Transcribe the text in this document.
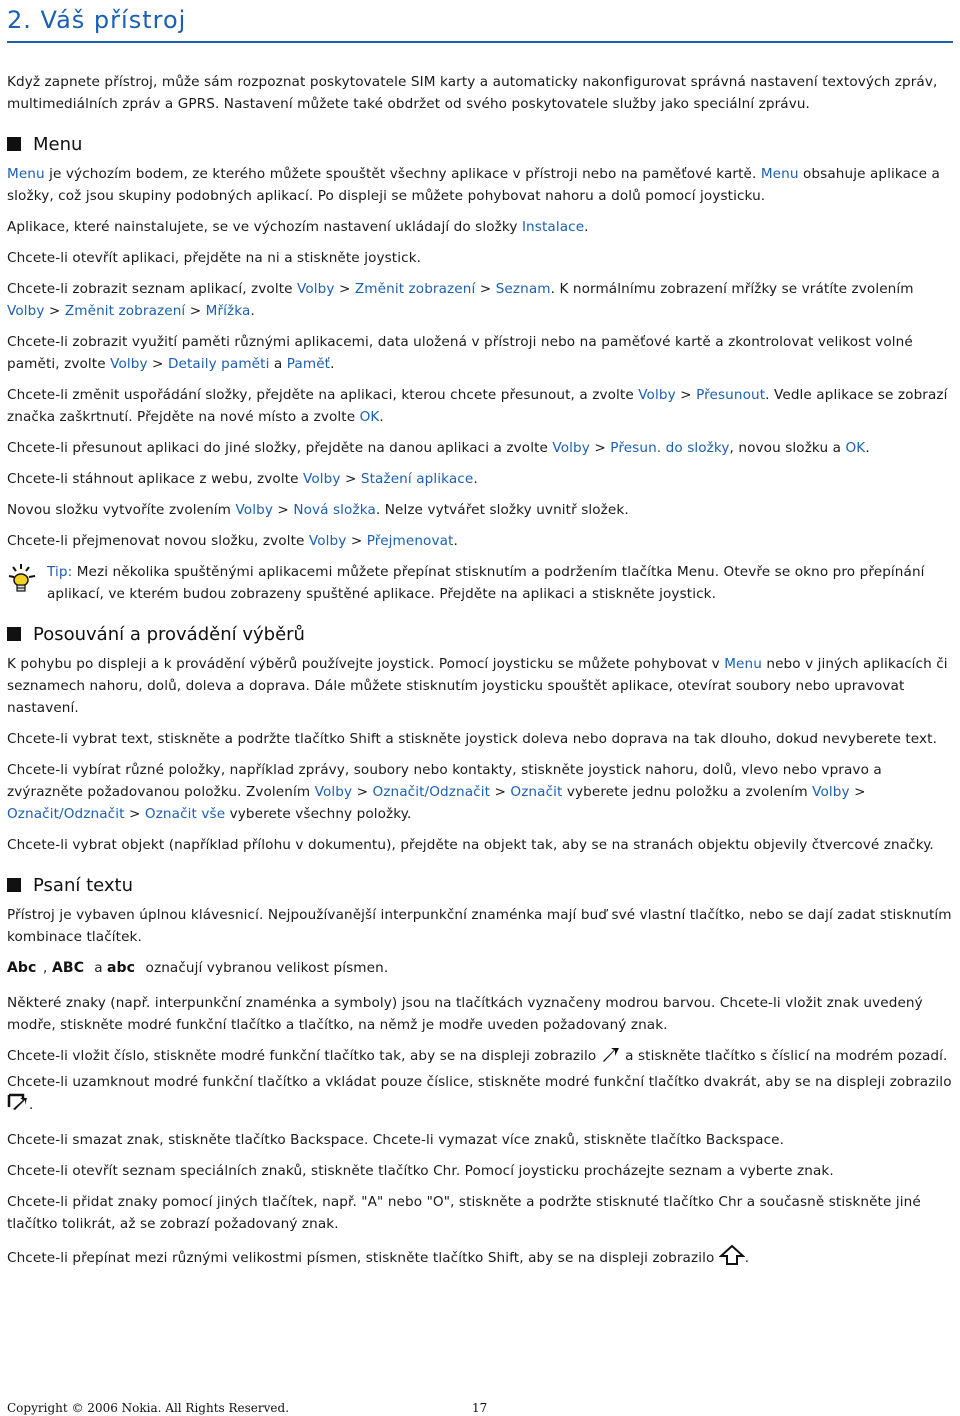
2. Váš přístroj

Když zapnete přístroj, může sám rozpoznat poskytovatele SIM karty a automaticky nakonfigurovat správná nastavení textových zpráv, multimediálních zpráv a GPRS. Nastavení můžete také obdržet od svého poskytovatele služby jako speciální zprávu.

Menu

Menu je výchozím bodem, ze kterého můžete spouštět všechny aplikace v přístroji nebo na paměťové kartě. Menu obsahuje aplikace a složky, což jsou skupiny podobných aplikací. Po displeji se můžete pohybovat nahoru a dolů pomocí joysticku.

Aplikace, které nainstalujete, se ve výchozím nastavení ukládají do složky Instalace.

Chcete-li otevřít aplikaci, přejděte na ni a stiskněte joystick.

Chcete-li zobrazit seznam aplikací, zvolte Volby > Změnit zobrazení > Seznam. K normálnímu zobrazení mřížky se vrátíte zvolením Volby > Změnit zobrazení > Mřížka.

Chcete-li zobrazit využití paměti různými aplikacemi, data uložená v přístroji nebo na paměťové kartě a zkontrolovat velikost volné paměti, zvolte Volby > Detaily paměti a Paměť.

Chcete-li změnit uspořádání složky, přejděte na aplikaci, kterou chcete přesunout, a zvolte Volby > Přesunout. Vedle aplikace se zobrazí značka zaškrtnutí. Přejděte na nové místo a zvolte OK.

Chcete-li přesunout aplikaci do jiné složky, přejděte na danou aplikaci a zvolte Volby > Přesun. do složky, novou složku a OK.

Chcete-li stáhnout aplikace z webu, zvolte Volby > Stažení aplikace.

Novou složku vytvoříte zvolením Volby > Nová složka. Nelze vytvářet složky uvnitř složek.

Chcete-li přejmenovat novou složku, zvolte Volby > Přejmenovat.

Tip: Mezi několika spuštěnými aplikacemi můžete přepínat stisknutím a podržením tlačítka Menu. Otevře se okno pro přepínání aplikací, ve kterém budou zobrazeny spuštěné aplikace. Přejděte na aplikaci a stiskněte joystick.

Posouvání a provádění výběrů

K pohybu po displeji a k provádění výběrů používejte joystick. Pomocí joysticku se můžete pohybovat v Menu nebo v jiných aplikacích či seznamech nahoru, dolů, doleva a doprava. Dále můžete stisknutím joysticku spouštět aplikace, otevírat soubory nebo upravovat nastavení.

Chcete-li vybrat text, stiskněte a podržte tlačítko Shift a stiskněte joystick doleva nebo doprava na tak dlouho, dokud nevyberete text.

Chcete-li vybírat různé položky, například zprávy, soubory nebo kontakty, stiskněte joystick nahoru, dolů, vlevo nebo vpravo a zvýrazněte požadovanou položku. Zvolením Volby > Označit/Odznačit > Označit vyberete jednu položku a zvolením Volby > Označit/Odznačit > Označit vše vyberete všechny položky.

Chcete-li vybrat objekt (například přílohu v dokumentu), přejděte na objekt tak, aby se na stranách objektu objevily čtvercové značky.

Psaní textu

Přístroj je vybaven úplnou klávesnicí. Nejpoužívanější interpunkční znaménka mají buď své vlastní tlačítko, nebo se dají zadat stisknutím kombinace tlačítek.

Abc , ABC a abc označují vybranou velikost písmen.

Některé znaky (např. interpunkční znaménka a symboly) jsou na tlačítkách vyznačeny modrou barvou. Chcete-li vložit znak uvedený modře, stiskněte modré funkční tlačítko a tlačítko, na němž je modře uveden požadovaný znak.

Chcete-li vložit číslo, stiskněte modré funkční tlačítko tak, aby se na displeji zobrazilo  a stiskněte tlačítko s číslicí na modrém pozadí. Chcete-li uzamknout modré funkční tlačítko a vkládat pouze číslice, stiskněte modré funkční tlačítko dvakrát, aby se na displeji zobrazilo .

Chcete-li smazat znak, stiskněte tlačítko Backspace. Chcete-li vymazat více znaků, stiskněte tlačítko Backspace.

Chcete-li otevřít seznam speciálních znaků, stiskněte tlačítko Chr. Pomocí joysticku procházejte seznam a vyberte znak.

Chcete-li přidat znaky pomocí jiných tlačítek, např. "A" nebo "O", stiskněte a podržte stisknuté tlačítko Chr a současně stiskněte jiné tlačítko tolikrát, až se zobrazí požadovaný znak.

Chcete-li přepínat mezi různými velikostmi písmen, stiskněte tlačítko Shift, aby se na displeji zobrazilo .

Copyright © 2006 Nokia. All Rights Reserved.	17
